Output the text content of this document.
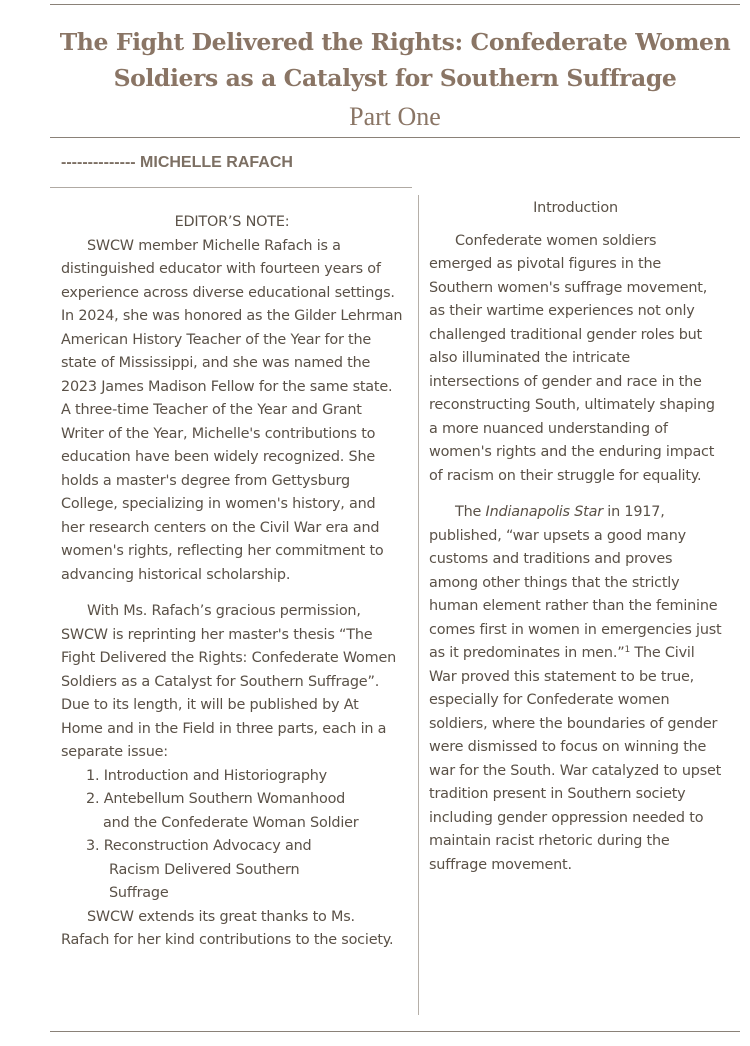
The Fight Delivered the Rights: Confederate Women
Soldiers as a Catalyst for Southern Suffrage
Part One
-------------- MICHELLE RAFACH

EDITOR’S NOTE:

SWCW member Michelle Rafach is a distinguished educator with fourteen years of experience across diverse educational settings. In 2024, she was honored as the Gilder Lehrman American History Teacher of the Year for the state of Mississippi, and she was named the 2023 James Madison Fellow for the same state. A three-time Teacher of the Year and Grant Writer of the Year, Michelle's contributions to education have been widely recognized. She holds a master's degree from Gettysburg College, specializing in women's history, and her research centers on the Civil War era and women's rights, reflecting her commitment to advancing historical scholarship.

With Ms. Rafach’s gracious permission, SWCW is reprinting her master's thesis “The Fight Delivered the Rights: Confederate Women Soldiers as a Catalyst for Southern Suffrage”. Due to its length, it will be published by At Home and in the Field in three parts, each in a separate issue:

1. Introduction and Historiography
2. Antebellum Southern Womanhood
and the Confederate Woman Soldier
3. Reconstruction Advocacy and
Racism Delivered Southern
Suffrage

SWCW extends its great thanks to Ms. Rafach for her kind contributions to the society.

Introduction

Confederate women soldiers emerged as pivotal figures in the Southern women's suffrage movement, as their wartime experiences not only challenged traditional gender roles but also illuminated the intricate intersections of gender and race in the reconstructing South, ultimately shaping a more nuanced understanding of women's rights and the enduring impact of racism on their struggle for equality.

The Indianapolis Star in 1917, published, “war upsets a good many customs and traditions and proves among other things that the strictly human element rather than the feminine comes first in women in emergencies just as it predominates in men.”$^1$ The Civil War proved this statement to be true, especially for Confederate women soldiers, where the boundaries of gender were dismissed to focus on winning the war for the South. War catalyzed to upset tradition present in Southern society including gender oppression needed to maintain racist rhetoric during the suffrage movement.
